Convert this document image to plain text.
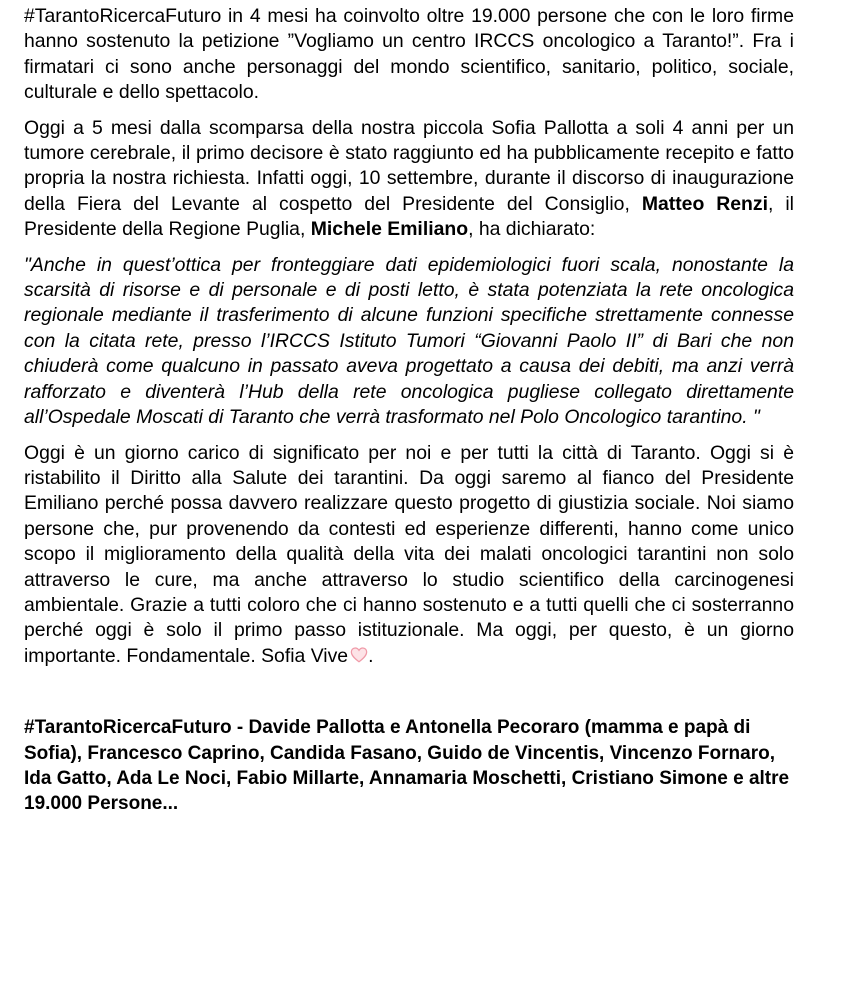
#TarantoRicercaFuturo in 4 mesi ha coinvolto oltre 19.000 persone che con le loro firme hanno sostenuto la petizione ”Vogliamo un centro IRCCS oncologico a Taranto!”. Fra i firmatari ci sono anche personaggi del mondo scientifico, sanitario, politico, sociale, culturale e dello spettacolo.

Oggi a 5 mesi dalla scomparsa della nostra piccola Sofia Pallotta a soli 4 anni per un tumore cerebrale, il primo decisore è stato raggiunto ed ha pubblicamente recepito e fatto propria la nostra richiesta. Infatti oggi, 10 settembre, durante il discorso di inaugurazione della Fiera del Levante al cospetto del Presidente del Consiglio, Matteo Renzi, il Presidente della Regione Puglia, Michele Emiliano, ha dichiarato:

"Anche in quest’ottica per fronteggiare dati epidemiologici fuori scala, nonostante la scarsità di risorse e di personale e di posti letto, è stata potenziata la rete oncologica regionale mediante il trasferimento di alcune funzioni specifiche strettamente connesse con la citata rete, presso l’IRCCS Istituto Tumori “Giovanni Paolo II” di Bari che non chiuderà come qualcuno in passato aveva progettato a causa dei debiti, ma anzi verrà rafforzato e diventerà l’Hub della rete oncologica pugliese collegato direttamente all’Ospedale Moscati di Taranto che verrà trasformato nel Polo Oncologico tarantino. "

Oggi è un giorno carico di significato per noi e per tutti la città di Taranto. Oggi si è ristabilito il Diritto alla Salute dei tarantini. Da oggi saremo al fianco del Presidente Emiliano perché possa davvero realizzare questo progetto di giustizia sociale. Noi siamo persone che, pur provenendo da contesti ed esperienze differenti, hanno come unico scopo il miglioramento della qualità della vita dei malati oncologici tarantini non solo attraverso le cure, ma anche attraverso lo studio scientifico della carcinogenesi ambientale. Grazie a tutti coloro che ci hanno sostenuto e a tutti quelli che ci sosterranno perché oggi è solo il primo passo istituzionale. Ma oggi, per questo, è un giorno importante. Fondamentale. Sofia Vive .

#TarantoRicercaFuturo - Davide Pallotta e Antonella Pecoraro (mamma e papà di Sofia), Francesco Caprino, Candida Fasano, Guido de Vincentis, Vincenzo Fornaro, Ida Gatto, Ada Le Noci, Fabio Millarte, Annamaria Moschetti, Cristiano Simone e altre 19.000 Persone...
